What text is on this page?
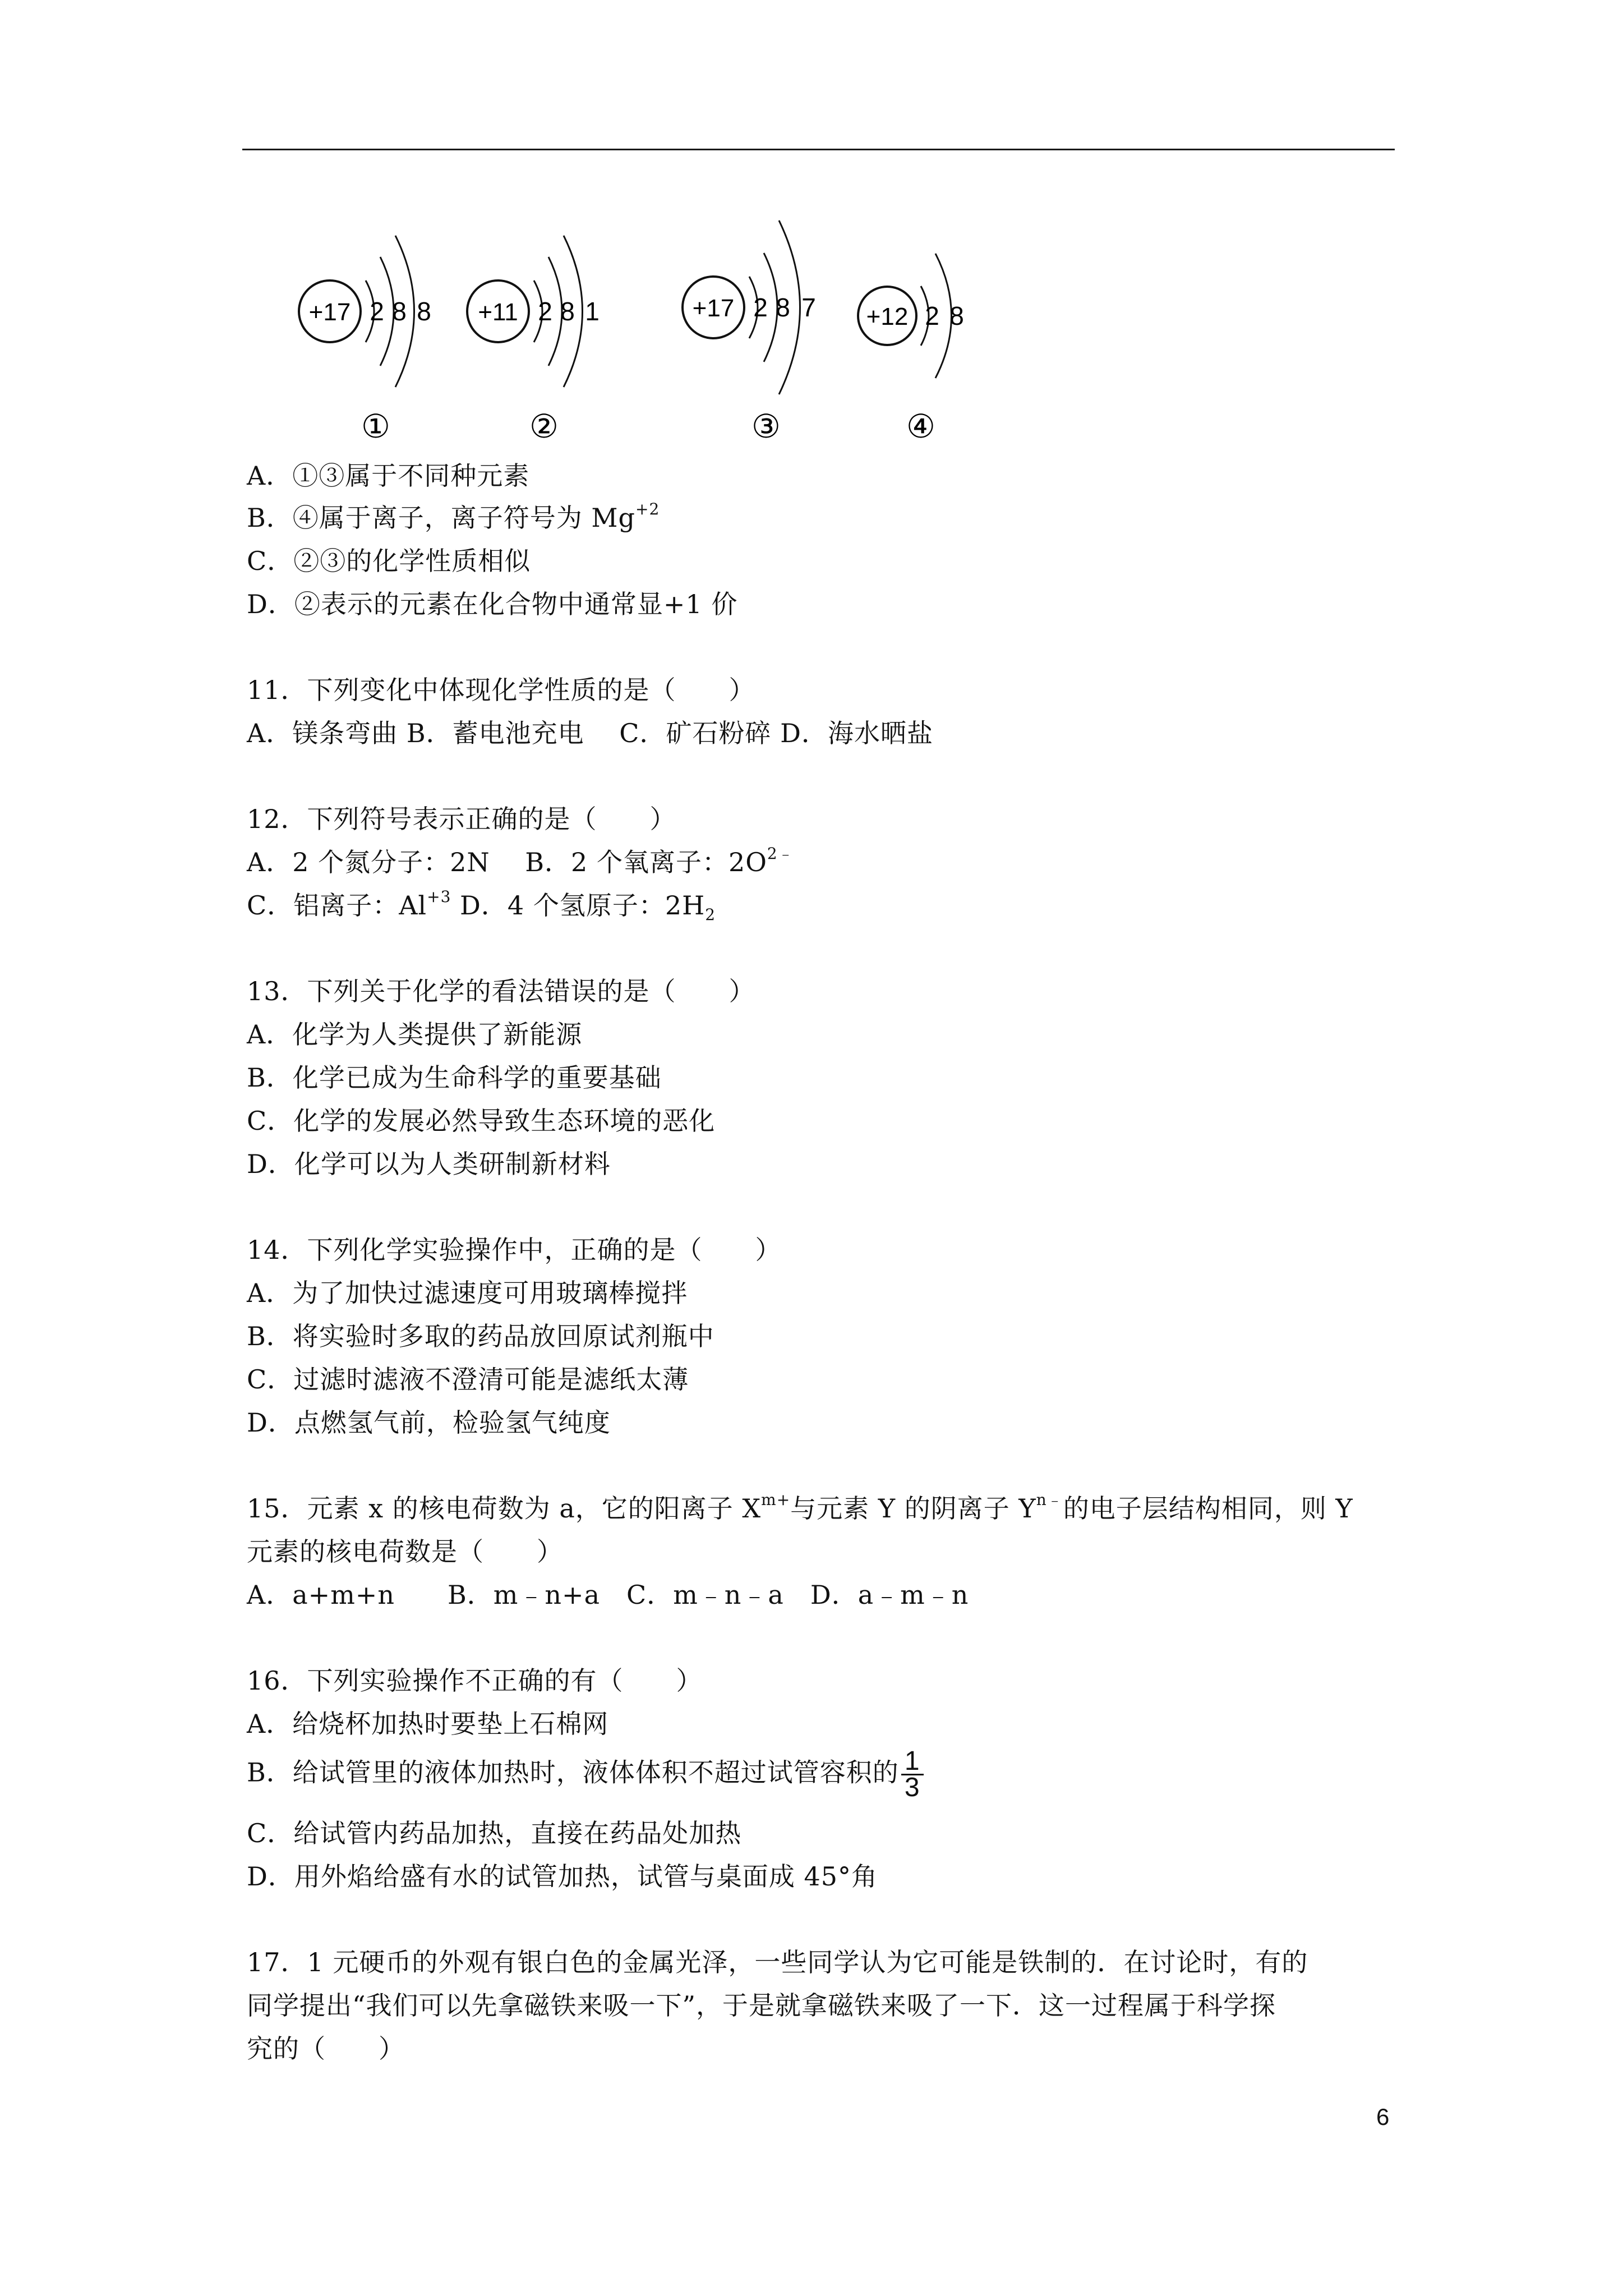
+17 2 8 8
①
+11 2 8 1
②
+17 2 8 7
③
+12 2 8
④
A．①③属于不同种元素
B．④属于离子，离子符号为 $Mg^{+2}$
C．②③的化学性质相似
D．②表示的元素在化合物中通常显+1 价
11．下列变化中体现化学性质的是（　　）
A．镁条弯曲 B．蓄电池充电　 C．矿石粉碎 D．海水晒盐
12．下列符号表示正确的是（　　）
A．2 个氮分子：2N　 B．2 个氧离子：$2O^{2﹣}$
C．铝离子：$Al^{+3}$ D．4 个氢原子：$2H_2$
13．下列关于化学的看法错误的是（　　）
A．化学为人类提供了新能源
B．化学已成为生命科学的重要基础
C．化学的发展必然导致生态环境的恶化
D．化学可以为人类研制新材料
14．下列化学实验操作中，正确的是（　　）
A．为了加快过滤速度可用玻璃棒搅拌
B．将实验时多取的药品放回原试剂瓶中
C．过滤时滤液不澄清可能是滤纸太薄
D．点燃氢气前，检验氢气纯度
15．元素 x 的核电荷数为 a，它的阳离子 $X^{m+}$与元素 Y 的阴离子 $Y^{n﹣}$的电子层结构相同，则 Y
元素的核电荷数是（　　）
A．a+m+n　　B．m﹣n+a　C．m﹣n﹣a　D．a﹣m﹣n
16．下列实验操作不正确的有（　　）
A．给烧杯加热时要垫上石棉网
B．给试管里的液体加热时，液体体积不超过试管容积的 $\frac{1}{3}$
C．给试管内药品加热，直接在药品处加热
D．用外焰给盛有水的试管加热，试管与桌面成 45°角
17．1 元硬币的外观有银白色的金属光泽，一些同学认为它可能是铁制的．在讨论时，有的
同学提出“我们可以先拿磁铁来吸一下”，于是就拿磁铁来吸了一下．这一过程属于科学探
究的（　　）
6
